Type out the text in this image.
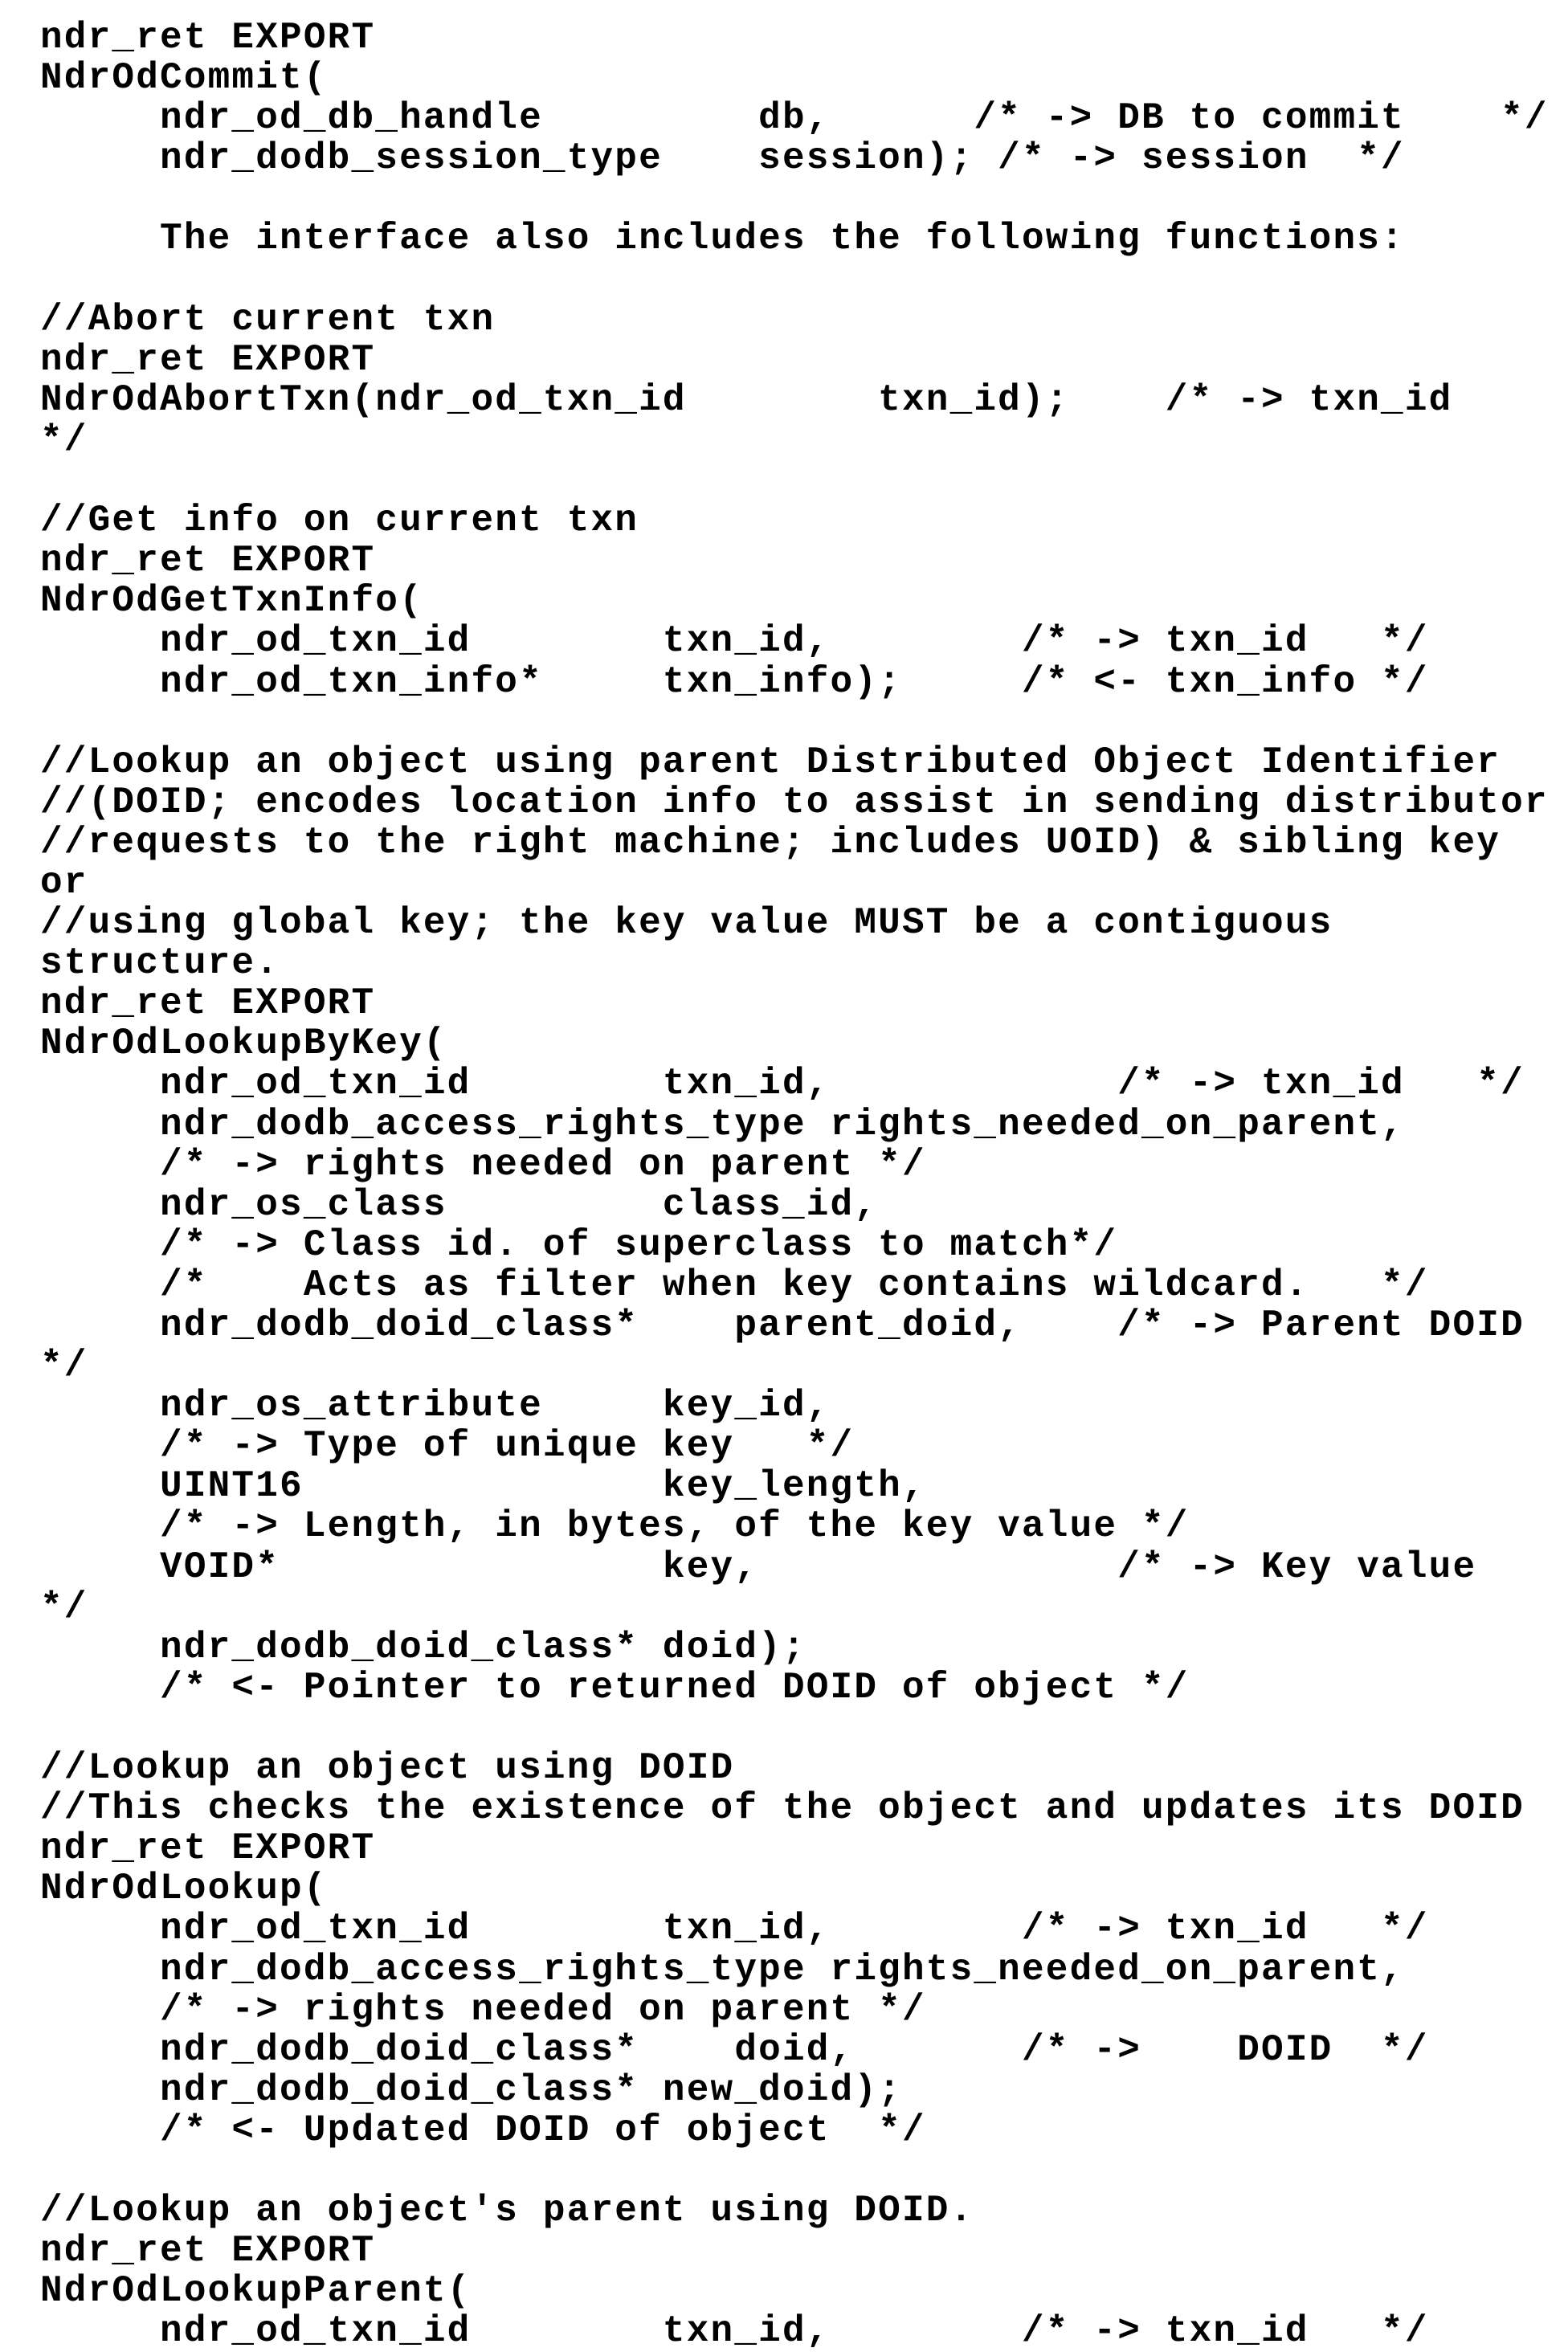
ndr_ret EXPORT
NdrOdCommit(
ndr_od_db_handle         db,      /* -> DB to commit    */
ndr_dodb_session_type    session); /* -> session  */
The interface also includes the following functions:
//Abort current txn
ndr_ret EXPORT
NdrOdAbortTxn(ndr_od_txn_id        txn_id);    /* -> txn_id
*/
//Get info on current txn
ndr_ret EXPORT
NdrOdGetTxnInfo(
ndr_od_txn_id        txn_id,        /* -> txn_id   */
ndr_od_txn_info*     txn_info);     /* <- txn_info */
//Lookup an object using parent Distributed Object Identifier
//(DOID; encodes location info to assist in sending distributor
//requests to the right machine; includes UOID) & sibling key
or
//using global key; the key value MUST be a contiguous
structure.
ndr_ret EXPORT
NdrOdLookupByKey(
ndr_od_txn_id        txn_id,            /* -> txn_id   */
ndr_dodb_access_rights_type rights_needed_on_parent,
/* -> rights needed on parent */
ndr_os_class         class_id,
/* -> Class id. of superclass to match*/
/*    Acts as filter when key contains wildcard.   */
ndr_dodb_doid_class*    parent_doid,    /* -> Parent DOID
*/
ndr_os_attribute     key_id,
/* -> Type of unique key   */
UINT16               key_length,
/* -> Length, in bytes, of the key value */
VOID*                key,               /* -> Key value
*/
ndr_dodb_doid_class* doid);
/* <- Pointer to returned DOID of object */
//Lookup an object using DOID
//This checks the existence of the object and updates its DOID
ndr_ret EXPORT
NdrOdLookup(
ndr_od_txn_id        txn_id,        /* -> txn_id   */
ndr_dodb_access_rights_type rights_needed_on_parent,
/* -> rights needed on parent */
ndr_dodb_doid_class*    doid,       /* ->    DOID  */
ndr_dodb_doid_class* new_doid);
/* <- Updated DOID of object  */
//Lookup an object's parent using DOID.
ndr_ret EXPORT
NdrOdLookupParent(
ndr_od_txn_id        txn_id,        /* -> txn_id   */
